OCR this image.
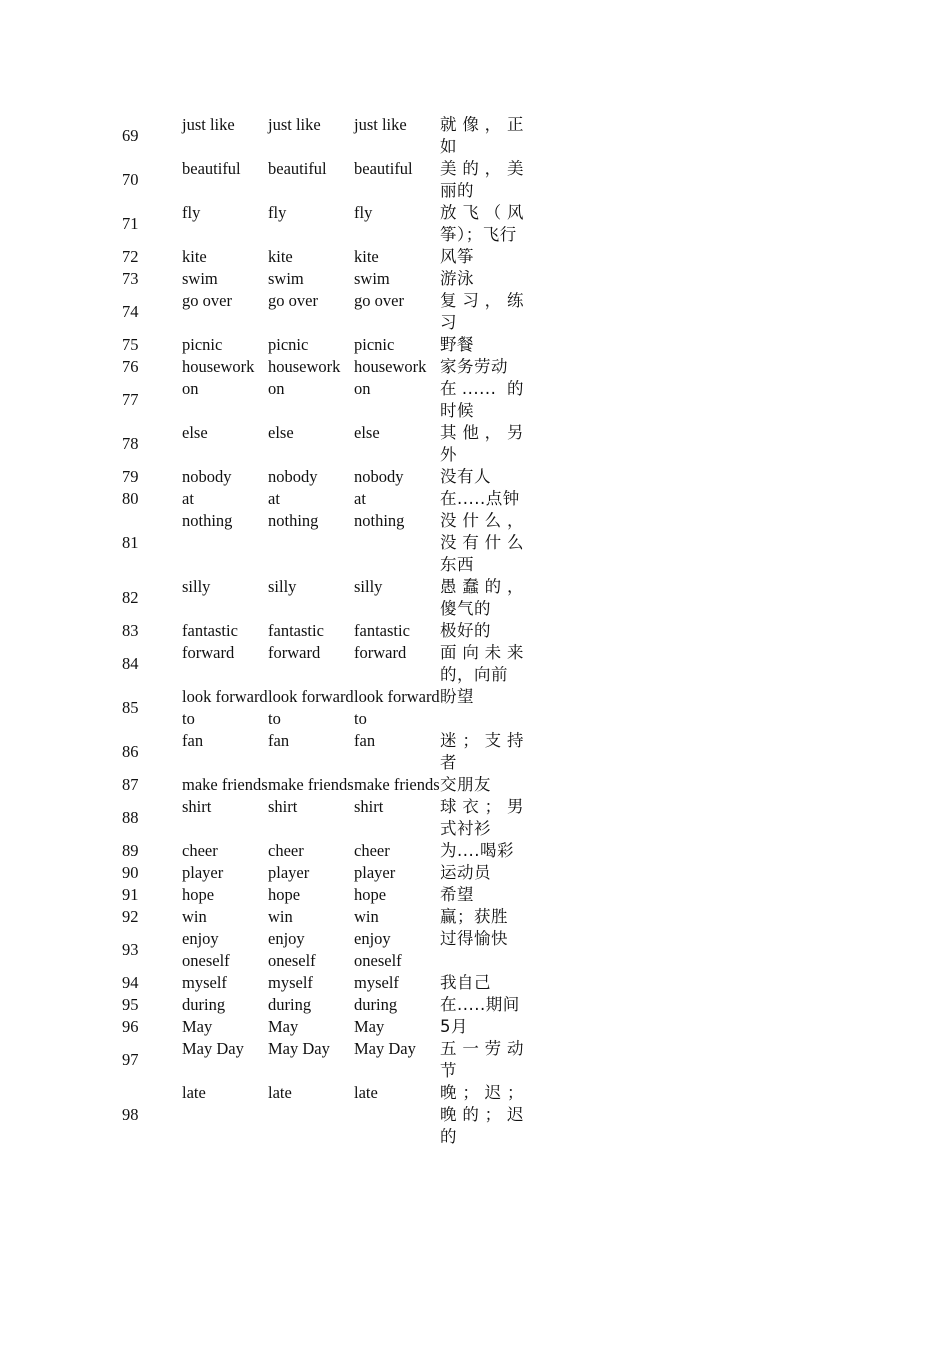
69	just like	just like	just like	就像，正如
70	beautiful	beautiful	beautiful	美的，美丽的
71	fly	fly	fly	放飞（风筝）；飞行
72	kite	kite	kite	风筝
73	swim	swim	swim	游泳
74	go over	go over	go over	复习，练习
75	picnic	picnic	picnic	野餐
76	housework	housework	housework	家务劳动
77	on	on	on	在...... 的时候
78	else	else	else	其他，另外
79	nobody	nobody	nobody	没有人
80	at	at	at	在.....点钟
81	nothing	nothing	nothing	没什么，没有什么东西
82	silly	silly	silly	愚蠢的，傻气的
83	fantastic	fantastic	fantastic	极好的
84	forward	forward	forward	面向未来的，向前
85	look forward to	look forward to	look forward to	盼望
86	fan	fan	fan	迷；支持者
87	make friends	make friends	make friends	交朋友
88	shirt	shirt	shirt	球衣；男式衬衫
89	cheer	cheer	cheer	为....喝彩
90	player	player	player	运动员
91	hope	hope	hope	希望
92	win	win	win	赢；获胜
93	enjoy oneself	enjoy oneself	enjoy oneself	过得愉快
94	myself	myself	myself	我自己
95	during	during	during	在.....期间
96	May	May	May	5月
97	May Day	May Day	May Day	五一劳动节
98	late	late	late	晚；迟；晚的；迟的
